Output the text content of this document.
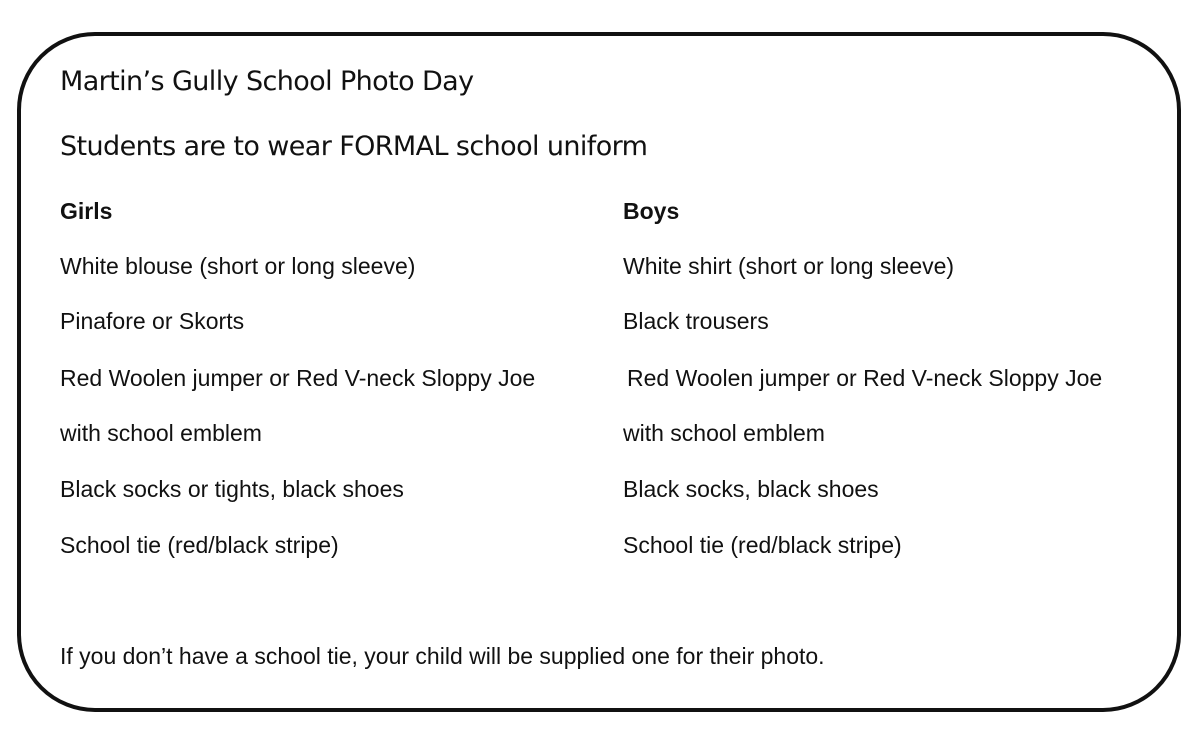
Martin’s Gully School Photo Day
Students are to wear FORMAL school uniform
Girls
White blouse (short or long sleeve)
Pinafore or Skorts
Red Woolen jumper or Red V-neck Sloppy Joe
with school emblem
Black socks or tights, black shoes
School tie (red/black stripe)
Boys
White shirt (short or long sleeve)
Black trousers
Red Woolen jumper or Red V-neck Sloppy Joe
with school emblem
Black socks, black shoes
School tie (red/black stripe)
If you don’t have a school tie, your child will be supplied one for their photo.
